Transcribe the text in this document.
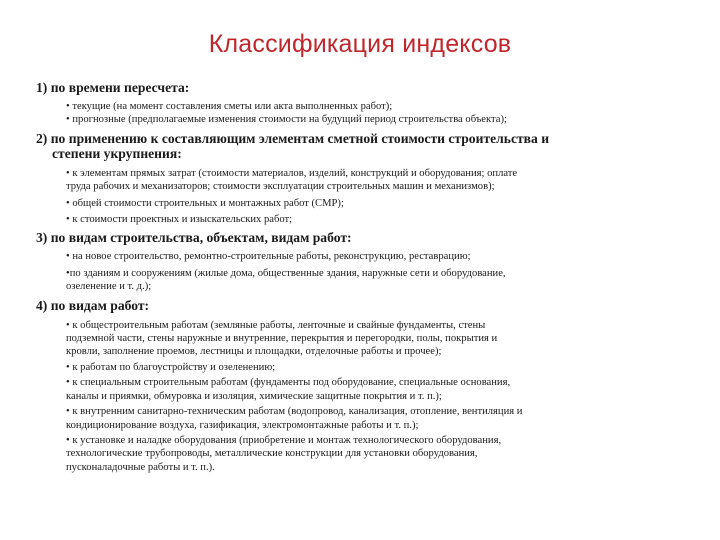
Классификация индексов

1) по времени пересчета:

• текущие (на момент составления сметы или акта выполненных работ);
• прогнозные (предполагаемые изменения стоимости на будущий период строительства объекта);

2) по применению к составляющим элементам сметной стоимости строительства и
степени укрупнения:

• к элементам прямых затрат (стоимости материалов, изделий, конструкций и оборудования; оплате
труда рабочих и механизаторов; стоимости эксплуатации строительных машин и механизмов);
• общей стоимости строительных и монтажных работ (СМР);
• к стоимости проектных и изыскательских работ;

3) по видам строительства, объектам, видам работ:

• на новое строительство, ремонтно-строительные работы, реконструкцию, реставрацию;
•по зданиям и сооружениям (жилые дома, общественные здания, наружные сети и оборудование,
озеленение и т. д.);

4) по видам работ:

• к общестроительным работам (земляные работы, ленточные и свайные фундаменты, стены
подземной части, стены наружные и внутренние, перекрытия и перегородки, полы, покрытия и
кровли, заполнение проемов, лестницы и площадки, отделочные работы и прочее);
• к работам по благоустройству и озеленению;
• к специальным строительным работам (фундаменты под оборудование, специальные основания,
каналы и приямки, обмуровка и изоляция, химические защитные покрытия и т. п.);
• к внутренним санитарно-техническим работам (водопровод, канализация, отопление, вентиляция и
кондиционирование воздуха, газификация, электромонтажные работы и т. п.);
• к установке и наладке оборудования (приобретение и монтаж технологического оборудования,
технологические трубопроводы, металлические конструкции для установки оборудования,
пусконаладочные работы и т. п.).
